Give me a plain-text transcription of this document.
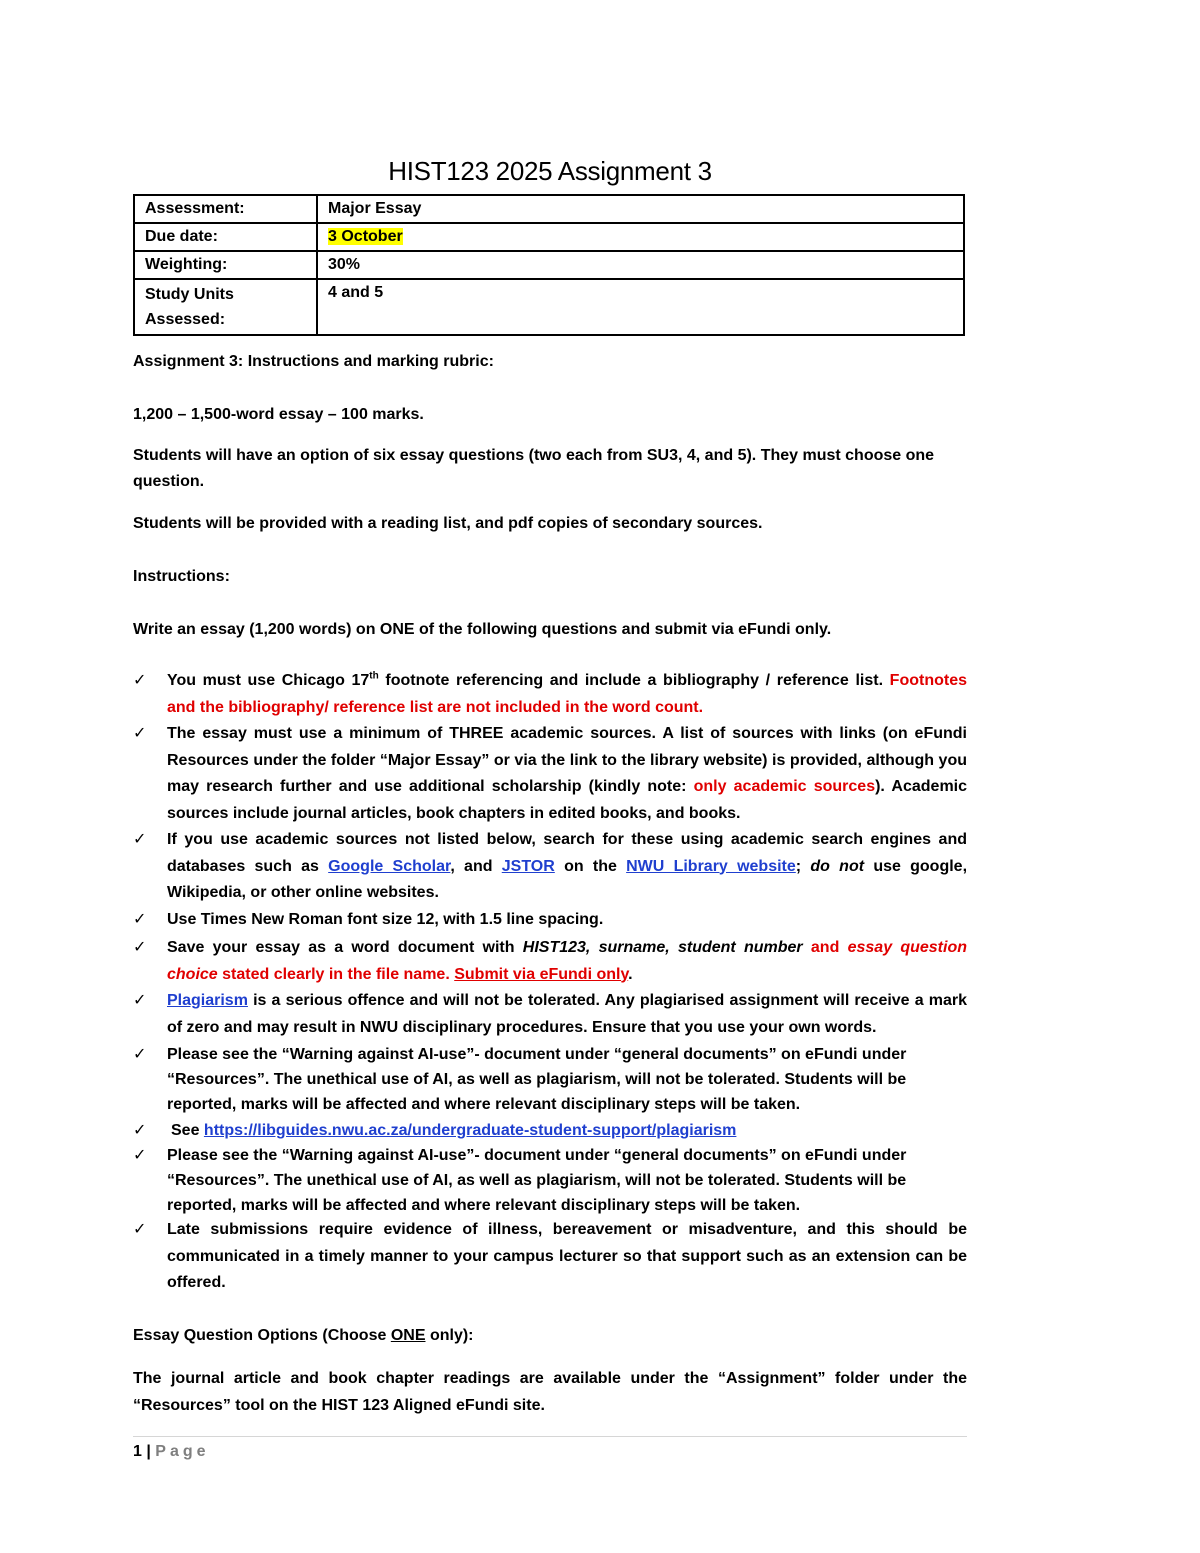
HIST123 2025 Assignment 3
Assessment:	Major Essay
Due date:	3 October
Weighting:	30%
Study Units Assessed:	4 and 5
Assignment 3: Instructions and marking rubric:
1,200 – 1,500-word essay – 100 marks.
Students will have an option of six essay questions (two each from SU3, 4, and 5). They must choose one question.
Students will be provided with a reading list, and pdf copies of secondary sources.
Instructions:
Write an essay (1,200 words) on ONE of the following questions and submit via eFundi only.
✓	You must use Chicago 17th footnote referencing and include a bibliography / reference list. Footnotes and the bibliography/ reference list are not included in the word count.
✓	The essay must use a minimum of THREE academic sources. A list of sources with links (on eFundi Resources under the folder “Major Essay” or via the link to the library website) is provided, although you may research further and use additional scholarship (kindly note: only academic sources). Academic sources include journal articles, book chapters in edited books, and books.
✓	If you use academic sources not listed below, search for these using academic search engines and databases such as Google Scholar, and JSTOR on the NWU Library website; do not use google, Wikipedia, or other online websites.
✓	Use Times New Roman font size 12, with 1.5 line spacing.
✓	Save your essay as a word document with HIST123, surname, student number and essay question choice stated clearly in the file name. Submit via eFundi only.
✓	Plagiarism is a serious offence and will not be tolerated. Any plagiarised assignment will receive a mark of zero and may result in NWU disciplinary procedures. Ensure that you use your own words.
✓	Please see the “Warning against AI-use”- document under “general documents” on eFundi under “Resources”. The unethical use of AI, as well as plagiarism, will not be tolerated. Students will be reported, marks will be affected and where relevant disciplinary steps will be taken.
✓	See https://libguides.nwu.ac.za/undergraduate-student-support/plagiarism
✓	Please see the “Warning against AI-use”- document under “general documents” on eFundi under “Resources”. The unethical use of AI, as well as plagiarism, will not be tolerated. Students will be reported, marks will be affected and where relevant disciplinary steps will be taken.
✓	Late submissions require evidence of illness, bereavement or misadventure, and this should be communicated in a timely manner to your campus lecturer so that support such as an extension can be offered.
Essay Question Options (Choose ONE only):
The journal article and book chapter readings are available under the “Assignment” folder under the “Resources” tool on the HIST 123 Aligned eFundi site.
1 | Page
